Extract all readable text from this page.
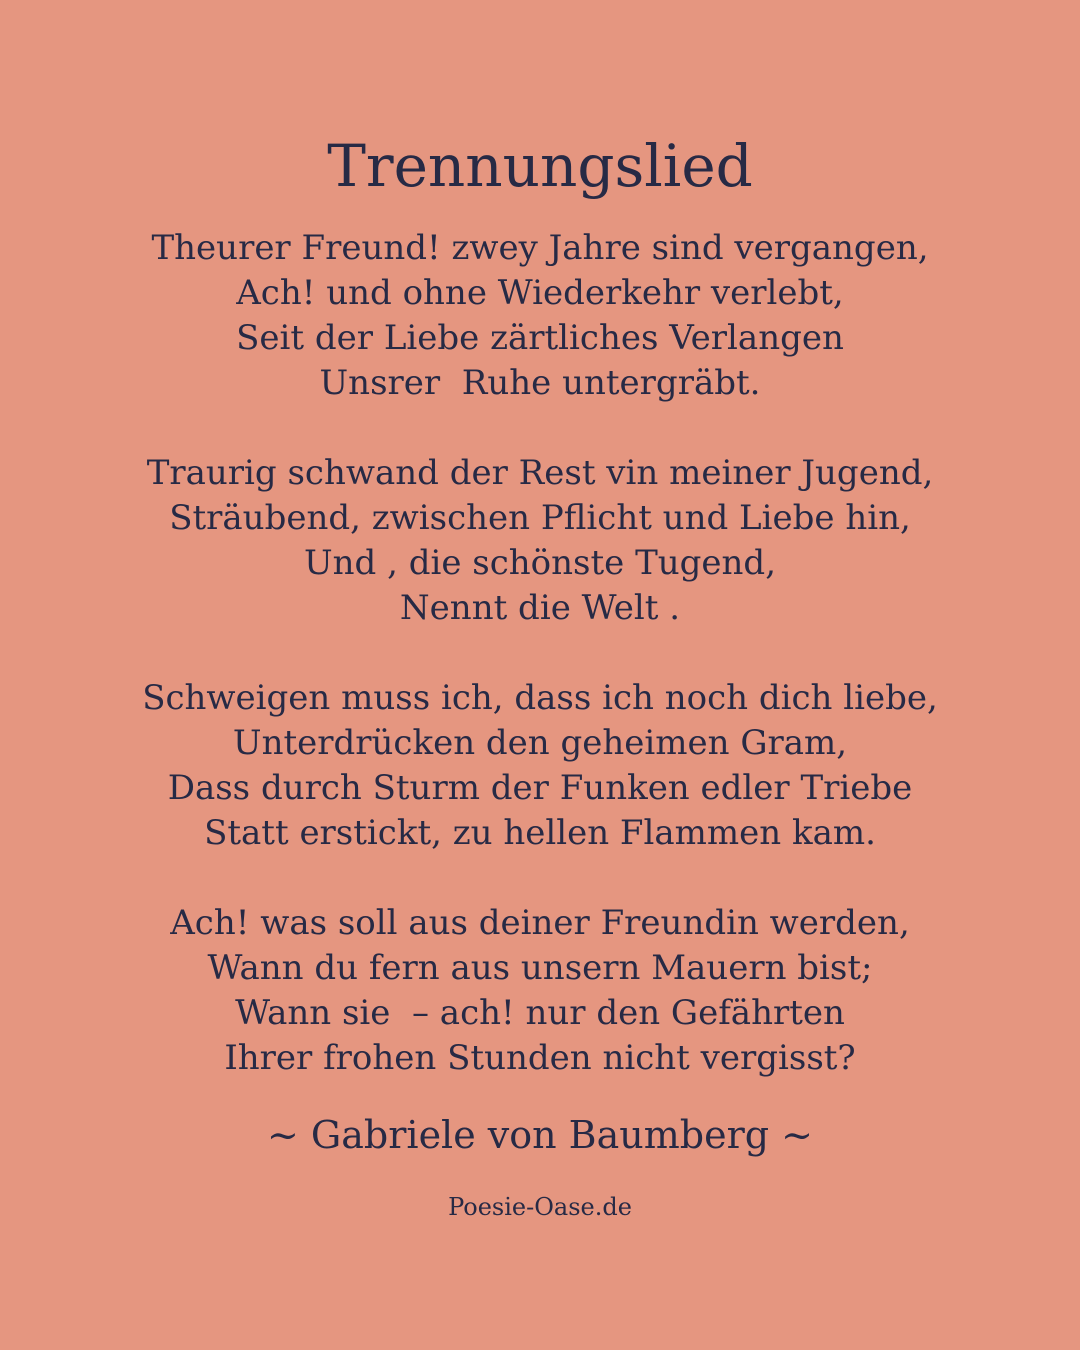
Trennungslied
Theurer Freund! zwey Jahre sind vergangen,
Ach! und ohne Wiederkehr verlebt,
Seit der Liebe zärtliches Verlangen
Unsrer  Ruhe untergräbt.
Traurig schwand der Rest vin meiner Jugend,
Sträubend, zwischen Pflicht und Liebe hin,
Und , die schönste Tugend,
Nennt die Welt .
Schweigen muss ich, dass ich noch dich liebe,
Unterdrücken den geheimen Gram,
Dass durch Sturm der Funken edler Triebe
Statt erstickt, zu hellen Flammen kam.
Ach! was soll aus deiner Freundin werden,
Wann du fern aus unsern Mauern bist;
Wann sie  – ach! nur den Gefährten
Ihrer frohen Stunden nicht vergisst?
~ Gabriele von Baumberg ~
Poesie-Oase.de
